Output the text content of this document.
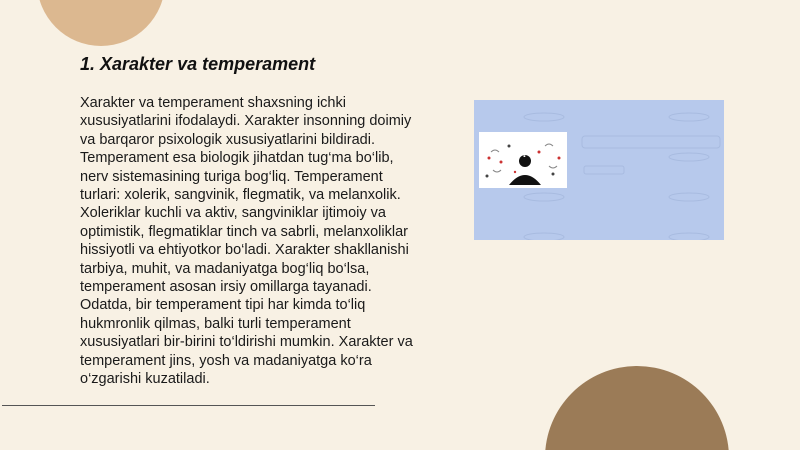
1. Xarakter va temperament

Xarakter va temperament shaxsning ichki xususiyatlarini ifodalaydi. Xarakter insonning doimiy va barqaror psixologik xususiyatlarini bildiradi. Temperament esa biologik jihatdan tug‘ma bo‘lib, nerv sistemasining turiga bog‘liq. Temperament turlari: xolerik, sangvinik, flegmatik, va melanxolik. Xoleriklar kuchli va aktiv, sangviniklar ijtimoiy va optimistik, flegmatiklar tinch va sabrli, melanxoliklar hissiyotli va ehtiyotkor bo‘ladi. Xarakter shakllanishi tarbiya, muhit, va madaniyatga bog‘liq bo‘lsa, temperament asosan irsiy omillarga tayanadi. Odatda, bir temperament tipi har kimda to‘liq hukmronlik qilmas, balki turli temperament xususiyatlari bir-birini to‘ldirishi mumkin. Xarakter va temperament jins, yosh va madaniyatga ko‘ra o‘zgarishi kuzatiladi.

?
